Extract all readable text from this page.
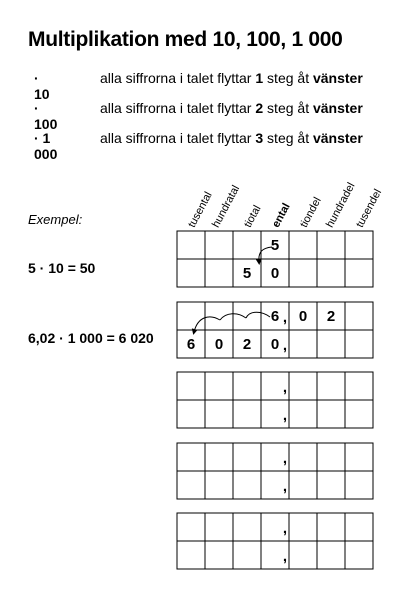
Multiplikation med 10, 100, 1 000
· 10
alla siffrorna i talet flyttar 1 steg åt vänster
· 100
alla siffrorna i talet flyttar 2 steg åt vänster
· 1 000
alla siffrorna i talet flyttar 3 steg åt vänster
Exempel:
5 · 10 = 50
6,02 · 1 000 = 6 020
tusental
hundratal tiotal ental tiondel hundradel
tusendel
5
5 0
6 0 2
6 0 2 0
,
,
,
,
,
,
,
,
